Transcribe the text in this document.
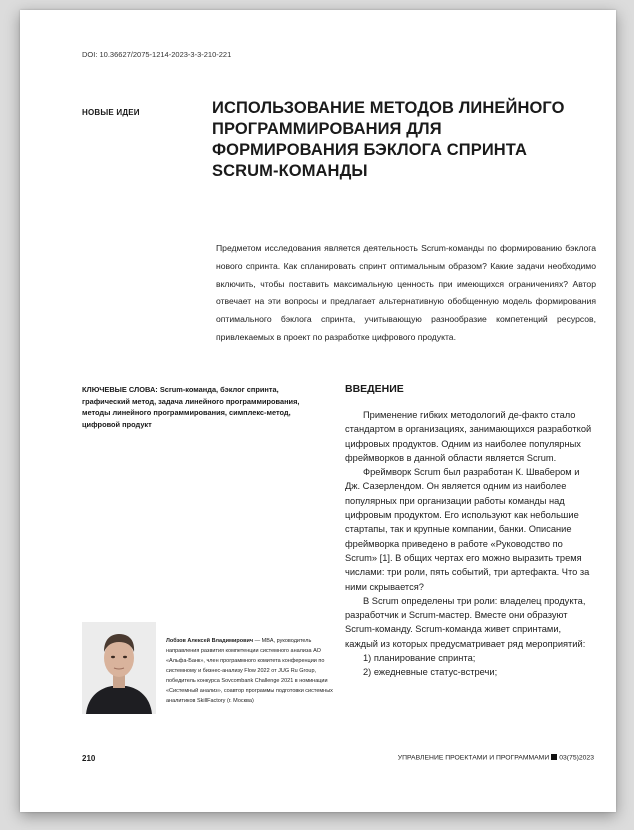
DOI: 10.36627/2075-1214-2023-3-3-210-221
НОВЫЕ ИДЕИ	ИСПОЛЬЗОВАНИЕ МЕТОДОВ ЛИНЕЙНОГО ПРОГРАММИРОВАНИЯ ДЛЯ ФОРМИРОВАНИЯ БЭКЛОГА СПРИНТА SCRUM-КОМАНДЫ
Предметом исследования является деятельность Scrum-команды по формированию бэклога нового спринта. Как спланировать спринт оптимальным образом? Какие задачи необходимо включить, чтобы поставить максимальную ценность при имеющихся ограничениях? Автор отвечает на эти вопросы и предлагает альтернативную обобщенную модель формирования оптимального бэклога спринта, учитывающую разнообразие компетенций ресурсов, привлекаемых в проект по разработке цифрового продукта.
КЛЮЧЕВЫЕ СЛОВА: Scrum-команда, бэклог спринта, графический метод, задача линейного программирования, методы линейного программирования, симплекс-метод, цифровой продукт
ВВЕДЕНИЕ

Применение гибких методологий де-факто стало стандартом в организациях, занимающихся разработкой цифровых продуктов. Одним из наиболее популярных фреймворков в данной области является Scrum.

Фреймворк Scrum был разработан К. Швабером и Дж. Сазерлендом. Он является одним из наиболее популярных при организации работы команды над цифровым продуктом. Его используют как небольшие стартапы, так и крупные компании, банки. Описание фреймворка приведено в работе «Руководство по Scrum» [1]. В общих чертах его можно выразить тремя числами: три роли, пять событий, три артефакта. Что за ними скрывается?

В Scrum определены три роли: владелец продукта, разработчик и Scrum-мастер. Вместе они образуют Scrum-команду. Scrum-команда живет спринтами, каждый из которых предусматривает ряд мероприятий:

1) планирование спринта;

2) ежедневные статус-встречи;

Лобзов Алексей Владимирович — MBA, руководитель направления развития компетенции системного анализа АО «Альфа-Банк», член программного комитета конференции по системному и бизнес-анализу Flow 2022 от JUG Ru Group, победитель конкурса Sovcombank Challenge 2021 в номинации «Системный анализ», соавтор программы подготовки системных аналитиков SkillFactory (г. Москва)
210	УПРАВЛЕНИЕ ПРОЕКТАМИ И ПРОГРАММАМИ 03(75)2023
